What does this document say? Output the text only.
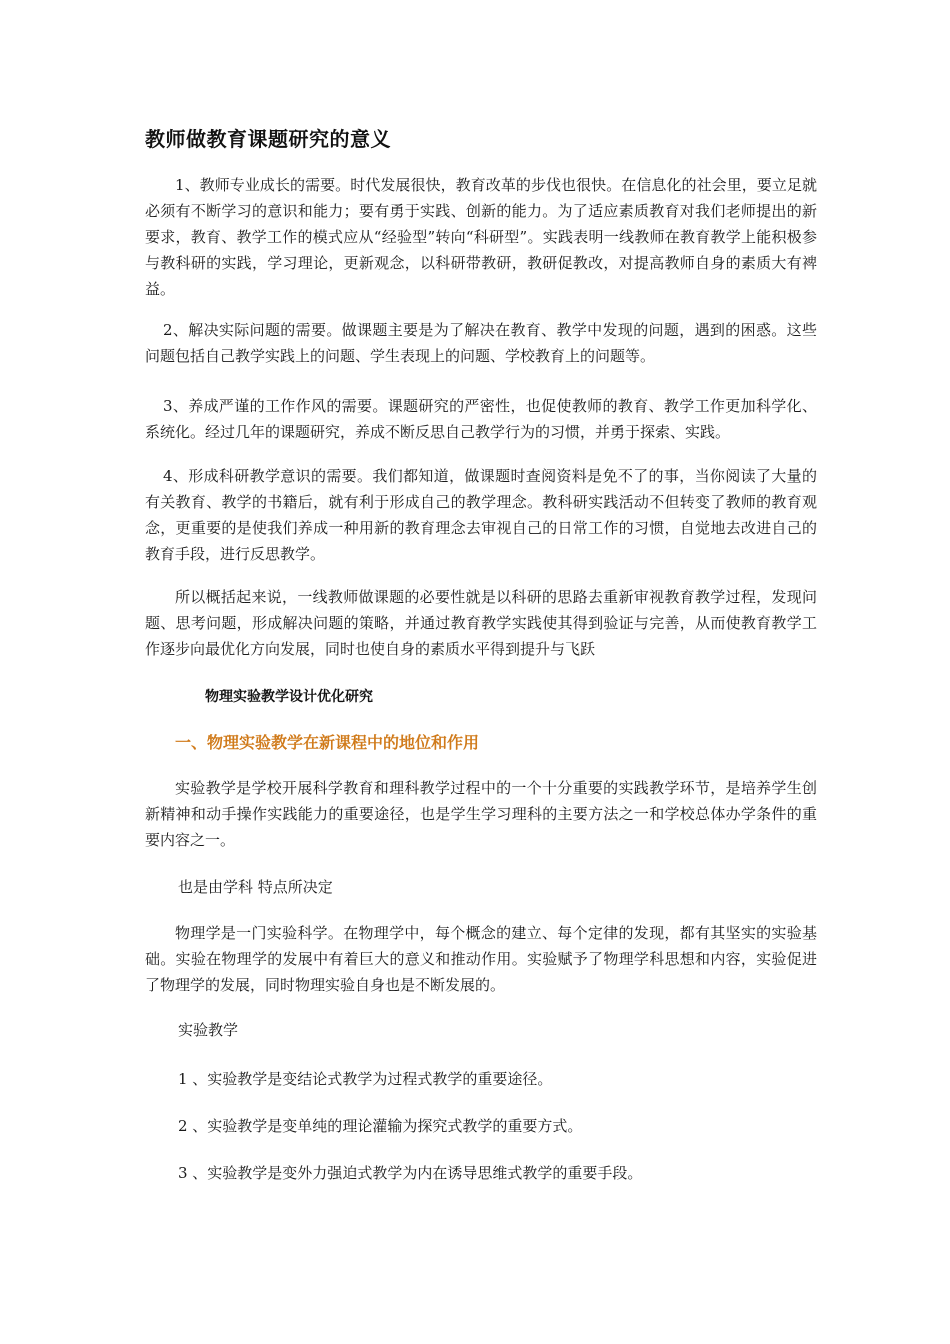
教师做教育课题研究的意义

1、教师专业成长的需要。时代发展很快，教育改革的步伐也很快。在信息化的社会里，要立足就必须有不断学习的意识和能力；要有勇于实践、创新的能力。为了适应素质教育对我们老师提出的新要求，教育、教学工作的模式应从“经验型”转向“科研型”。实践表明一线教师在教育教学上能积极参与教科研的实践，学习理论，更新观念，以科研带教研，教研促教改，对提高教师自身的素质大有裨益。

2、解决实际问题的需要。做课题主要是为了解决在教育、教学中发现的问题，遇到的困惑。这些问题包括自己教学实践上的问题、学生表现上的问题、学校教育上的问题等。

3、养成严谨的工作作风的需要。课题研究的严密性，也促使教师的教育、教学工作更加科学化、系统化。经过几年的课题研究，养成不断反思自己教学行为的习惯，并勇于探索、实践。

4、形成科研教学意识的需要。我们都知道，做课题时查阅资料是免不了的事，当你阅读了大量的有关教育、教学的书籍后，就有利于形成自己的教学理念。教科研实践活动不但转变了教师的教育观念，更重要的是使我们养成一种用新的教育理念去审视自己的日常工作的习惯，自觉地去改进自己的教育手段，进行反思教学。

所以概括起来说，一线教师做课题的必要性就是以科研的思路去重新审视教育教学过程，发现问题、思考问题，形成解决问题的策略，并通过教育教学实践使其得到验证与完善，从而使教育教学工作逐步向最优化方向发展，同时也使自身的素质水平得到提升与飞跃

物理实验教学设计优化研究
一、物理实验教学在新课程中的地位和作用

实验教学是学校开展科学教育和理科教学过程中的一个十分重要的实践教学环节，是培养学生创新精神和动手操作实践能力的重要途径，也是学生学习理科的主要方法之一和学校总体办学条件的重要内容之一。

也是由学科 特点所决定

物理学是一门实验科学。在物理学中，每个概念的建立、每个定律的发现，都有其坚实的实验基础。实验在物理学的发展中有着巨大的意义和推动作用。实验赋予了物理学科思想和内容，实验促进了物理学的发展，同时物理实验自身也是不断发展的。

实验教学

1 、实验教学是变结论式教学为过程式教学的重要途径。

2 、实验教学是变单纯的理论灌输为探究式教学的重要方式。

3 、实验教学是变外力强迫式教学为内在诱导思维式教学的重要手段。
